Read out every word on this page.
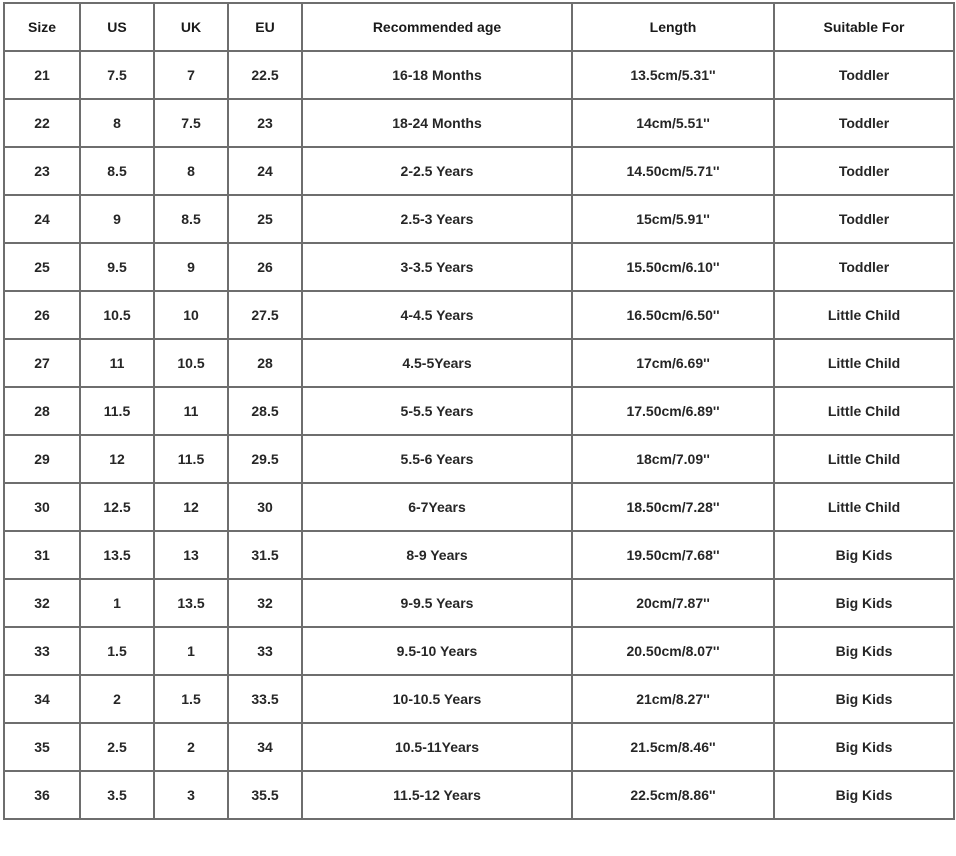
Size	US	UK	EU	Recommended age	Length	Suitable For
21	7.5	7	22.5	16-18 Months	13.5cm/5.31''	Toddler
22	8	7.5	23	18-24 Months	14cm/5.51''	Toddler
23	8.5	8	24	2-2.5 Years	14.50cm/5.71''	Toddler
24	9	8.5	25	2.5-3 Years	15cm/5.91''	Toddler
25	9.5	9	26	3-3.5 Years	15.50cm/6.10''	Toddler
26	10.5	10	27.5	4-4.5 Years	16.50cm/6.50''	Little Child
27	11	10.5	28	4.5-5Years	17cm/6.69''	Little Child
28	11.5	11	28.5	5-5.5 Years	17.50cm/6.89''	Little Child
29	12	11.5	29.5	5.5-6 Years	18cm/7.09''	Little Child
30	12.5	12	30	6-7Years	18.50cm/7.28''	Little Child
31	13.5	13	31.5	8-9 Years	19.50cm/7.68''	Big Kids
32	1	13.5	32	9-9.5 Years	20cm/7.87''	Big Kids
33	1.5	1	33	9.5-10 Years	20.50cm/8.07''	Big Kids
34	2	1.5	33.5	10-10.5 Years	21cm/8.27''	Big Kids
35	2.5	2	34	10.5-11Years	21.5cm/8.46''	Big Kids
36	3.5	3	35.5	11.5-12 Years	22.5cm/8.86''	Big Kids
